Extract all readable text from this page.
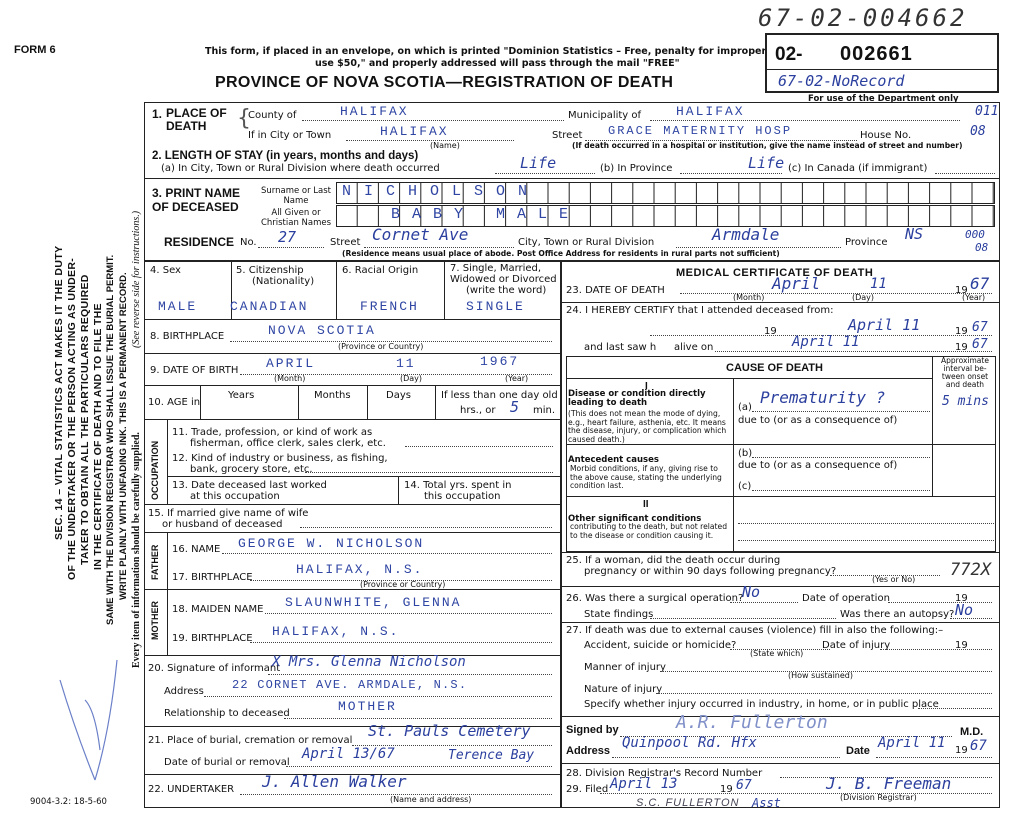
FORM 6
67-02-004662
This form, if placed in an envelope, on which is printed "Dominion Statistics – Free, penalty for improper
use $50," and properly addressed will pass through the mail "FREE"
PROVINCE OF NOVA SCOTIA—REGISTRATION OF DEATH
02- 002661
67-02-NoRecord
For use of the Department only
SEC. 14 – VITAL STATISTICS ACT MAKES IT THE DUTY OF THE UNDERTAKER OR THE PERSON ACTING AS UNDER- TAKER TO OBTAIN ALL THE PARTICULARS REQUIRED IN THE CERTIFICATE OF DEATH AND TO FILE THE SAME WITH THE DIVISION REGISTRAR WHO SHALL ISSUE THE BURIAL PERMIT. WRITE PLAINLY WITH UNFADING INK. THIS IS A PERMANENT RECORD. Every item of information should be carefully supplied.
(See reverse side for instructions.)
1. PLACE OF DEATH	{
County of	HALIFAX	Municipality of	HALIFAX	011
If in City or Town	HALIFAX
(Name)
Street GRACE MATERNITY HOSP	House No.	08
(If death occurred in a hospital or institution, give the name instead of street and number)
2. LENGTH OF STAY (in years, months and days)
(a) In City, Town or Rural Division where death occurred	Life	(b) In Province	Life (c) In Canada (if immigrant)
3. PRINT NAME OF DECEASED
Surname or Last Name
All Given or Christian Names
NICHOLSON
BABY MALE
RESIDENCE No. 27	Street Cornet Ave	City, Town or Rural Division	Armdale	Province NS	000
08
(Residence means usual place of abode. Post Office Address for residents in rural parts not sufficient)
4. Sex	5. Citizenship
(Nationality)
6. Racial Origin	7. Single, Married, Widowed or Divorced
(write the word)
MALE	CANADIAN	FRENCH	SINGLE
8. BIRTHPLACE	NOVA SCOTIA
(Province or Country)
9. DATE OF BIRTH APRIL	11	1967
(Month)	(Day)	(Year)
10. AGE in
Years	Months	Days	If less than one day old
hrs., or 5 min.
OCCUPATION
11. Trade, profession, or kind of work as
fisherman, office clerk, sales clerk, etc.
12. Kind of industry or business, as fishing,
bank, grocery store, etc.
13. Date deceased last worked
at this occupation
14. Total yrs. spent in
this occupation
15. If married give name of wife
or husband of deceased
FATHER 16. NAME GEORGE W. NICHOLSON
17. BIRTHPLACE
HALIFAX, N.S.
(Province or Country)
MOTHER 18. MAIDEN NAME SLAUNWHITE, GLENNA
19. BIRTHPLACE HALIFAX, N.S.
20. Signature of informant
X Mrs. Glenna Nicholson
Address 22 CORNET AVE. ARMDALE, N.S.
Relationship to deceased	MOTHER
21. Place of burial, cremation or removal
St. Pauls Cemetery
Date of burial or removal
April 13/67	Terence Bay
22. UNDERTAKER J. Allen Walker
(Name and address)
MEDICAL CERTIFICATE OF DEATH
23. DATE OF DEATH	April	11	67
19
(Month)	(Day)	(Year)
24. I HEREBY CERTIFY that I attended deceased from:
19	April 11	19 67
and last saw h alive on	April 11	19 67
CAUSE OF DEATH
Approximate interval be-tween onset and death
I
Disease or condition directly leading to death
(This does not mean the mode of dying, e.g., heart failure, asthenia, etc. It means the disease, injury, or complication which caused death.)
(a)
Prematurity ?	5 mins
due to (or as a consequence of)
(b)
due to (or as a consequence of)
(c)
Antecedent causes
Morbid conditions, if any, giving rise to the above cause, stating the underlying condition last.
II
Other significant conditions
contributing to the death, but not related to the disease or condition causing it.
25. If a woman, did the death occur during
pregnancy or within 90 days following pregnancy?
(Yes or No) 772X
26. Was there a surgical operation?
No	Date of operation	19
State findings	Was there an autopsy? No
27. If death was due to external causes (violence) fill in also the following:–
Accident, suicide or homicide?
(State which)
Date of injury	19
Manner of injury
(How sustained)
Nature of injury
Specify whether injury occurred in industry, in home, or in public place
Signed by	A.R. Fullerton	M.D.
Address Quinpool Rd. Hfx	Date April 11 19 67
28. Division Registrar's Record Number
29. Filed April 13	19 67	J. B. Freeman
(Division Registrar)
S.C. FULLERTON Asst
9004-3.2: 18-5-60
